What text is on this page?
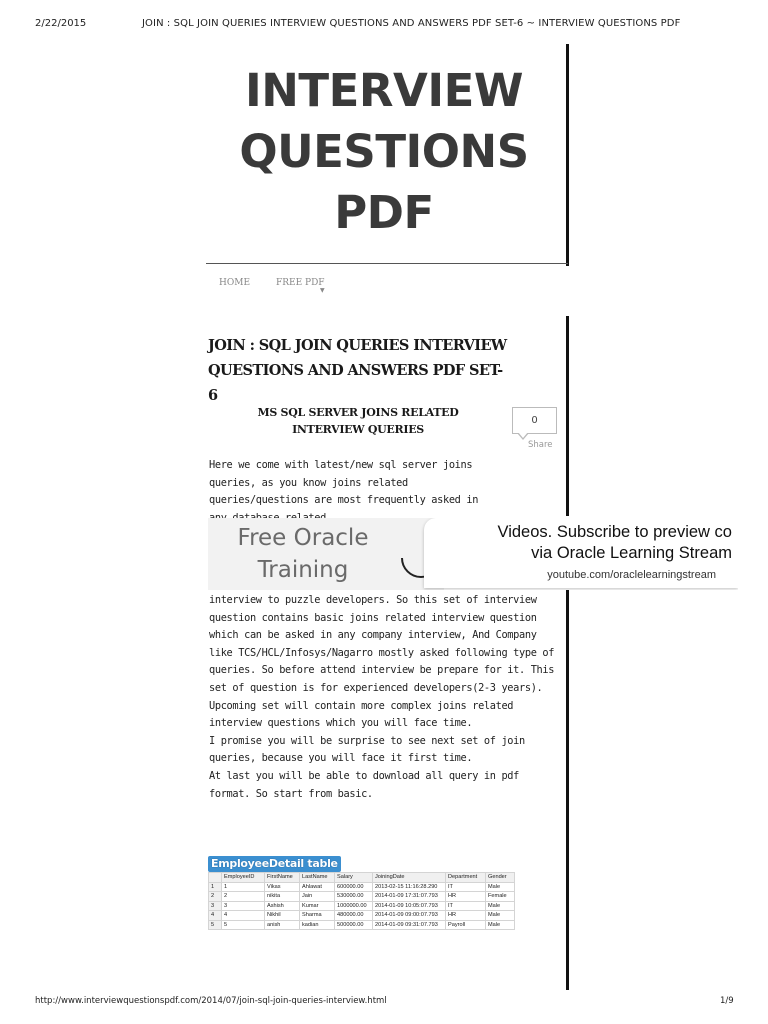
2/22/2015	JOIN : SQL JOIN QUERIES INTERVIEW QUESTIONS AND ANSWERS PDF SET-6 ~ INTERVIEW QUESTIONS PDF
INTERVIEW
QUESTIONS
PDF
HOME	FREE PDF
▼
JOIN : SQL JOIN QUERIES INTERVIEW QUESTIONS AND ANSWERS PDF SET-6
MS SQL SERVER JOINS RELATED INTERVIEW QUERIES
0
Share

Here we come with latest/new sql server joins queries, as you know joins related queries/questions are most frequently asked in

Free Oracle Training
Videos. Subscribe to preview co
via Oracle Learning Stream
youtube.com/oraclelearningstream

interview to puzzle developers. So this set of interview question contains basic joins related interview question which can be asked in any company interview, And Company like TCS/HCL/Infosys/Nagarro mostly asked following type of queries. So before attend interview be prepare for it. This set of question is for experienced developers(2-3 years).

Upcoming set will contain more complex joins related interview questions which you will face time.

I promise you will be surprise to see next set of join queries, because you will face it first time.

At last you will be able to download all query in pdf format. So start from basic.

EmployeeDetail table
	EmployeeID	FirstName	LastName	Salary	JoiningDate	Department	Gender
1	1	Vikas	Ahlawat	600000.00	2013-02-15 11:16:28.290	IT	Male
2	2	nikita	Jain	530000.00	2014-01-09 17:31:07.793	HR	Female
3	3	Ashish	Kumar	1000000.00	2014-01-09 10:05:07.793	IT	Male
4	4	Nikhil	Sharma	480000.00	2014-01-09 09:00:07.793	HR	Male
5	5	anish	kadian	500000.00	2014-01-09 09:31:07.793	Payroll	Male
http://www.interviewquestionspdf.com/2014/07/join-sql-join-queries-interview.html	1/9
